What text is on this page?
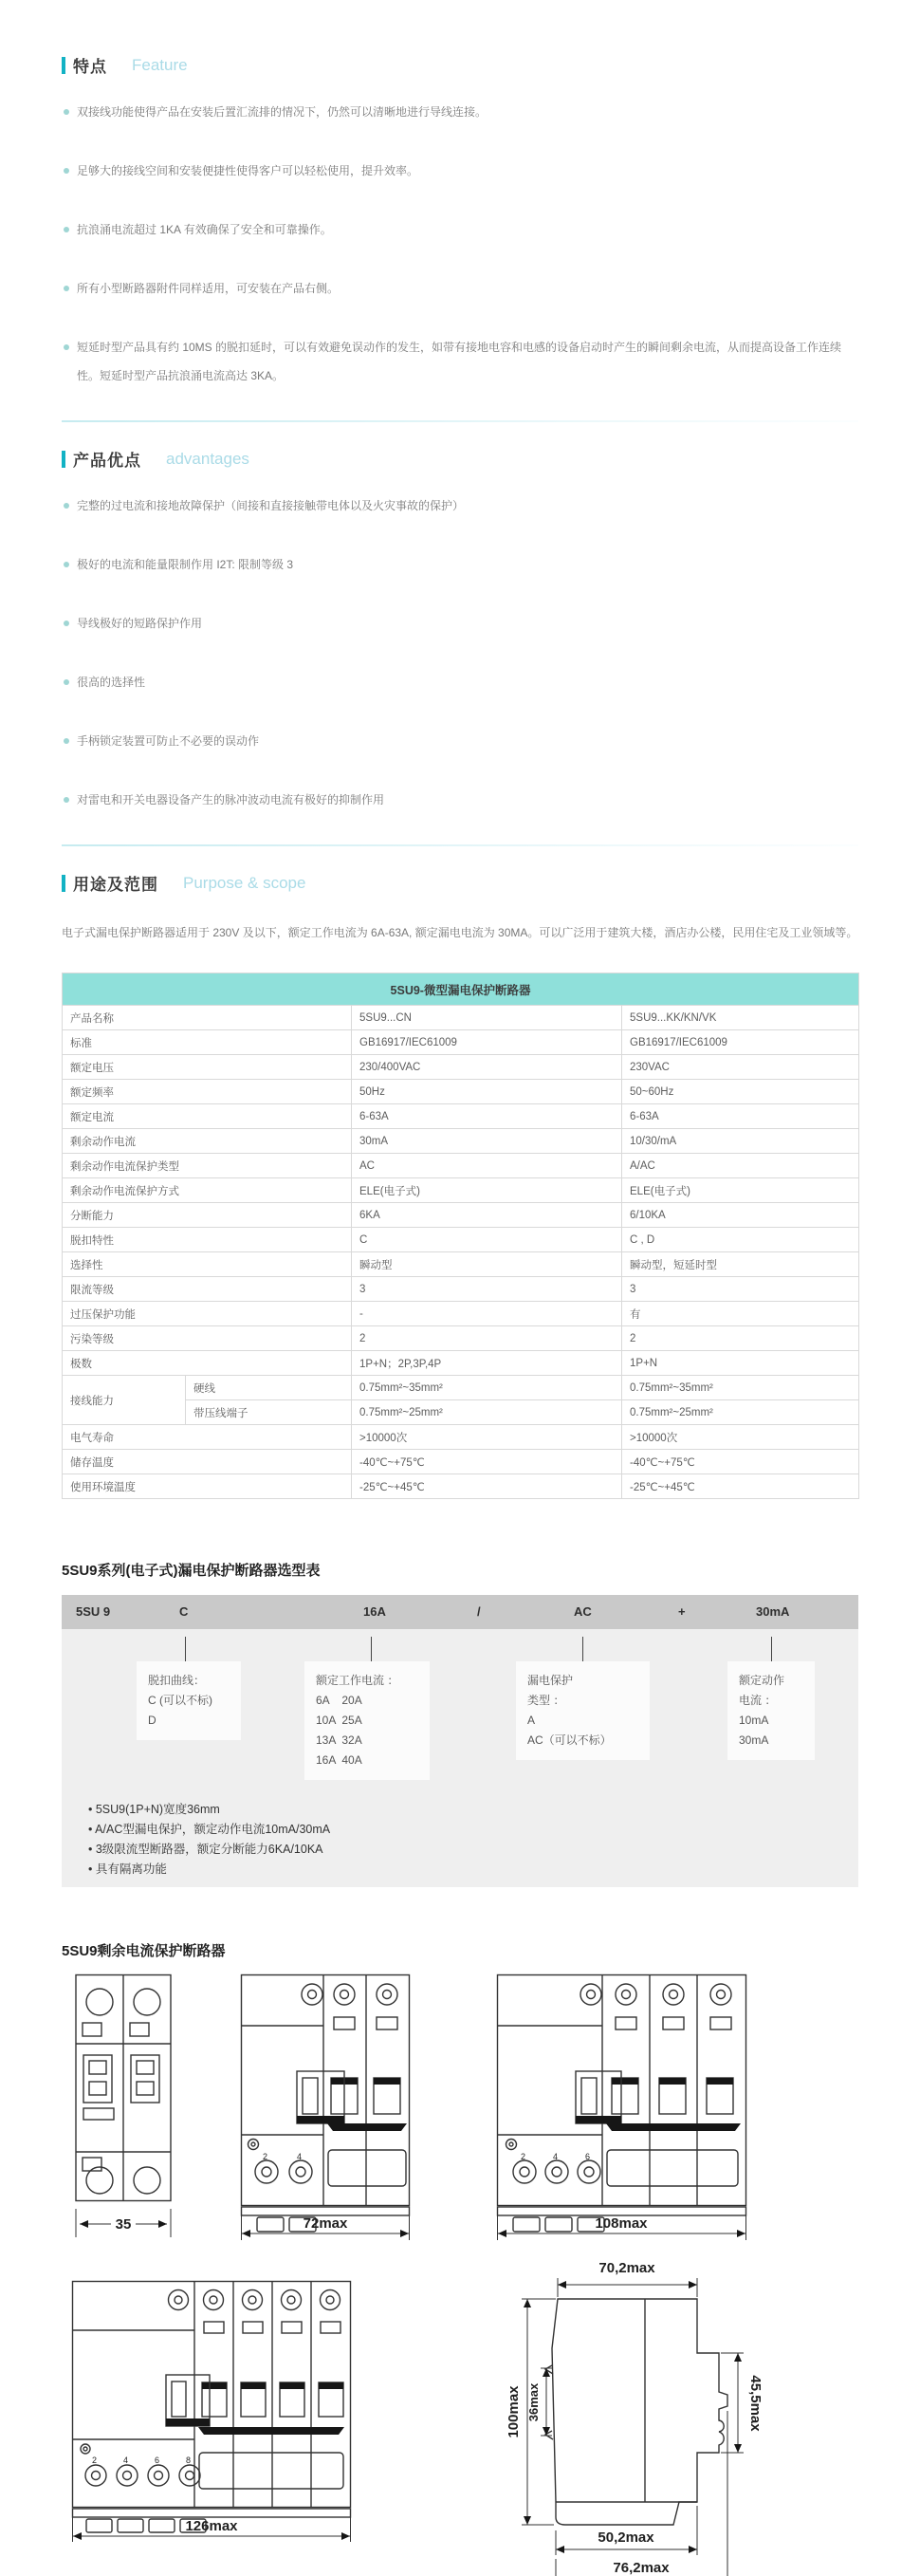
特点 Feature
双接线功能使得产品在安装后置汇流排的情况下，仍然可以清晰地进行导线连接。
足够大的接线空间和安装便捷性使得客户可以轻松使用，提升效率。
抗浪涌电流超过 1KA 有效确保了安全和可靠操作。
所有小型断路器附件同样适用，可安装在产品右侧。
短延时型产品具有约 10MS 的脱扣延时，可以有效避免误动作的发生，如带有接地电容和电感的设备启动时产生的瞬间剩余电流，从而提高设备工作连续性。短延时型产品抗浪涌电流高达 3KA。
产品优点 advantages
完整的过电流和接地故障保护（间接和直接接触带电体以及火灾事故的保护）
极好的电流和能量限制作用 I2T: 限制等级 3
导线极好的短路保护作用
很高的选择性
手柄锁定装置可防止不必要的误动作
对雷电和开关电器设备产生的脉冲波动电流有极好的抑制作用
用途及范围 Purpose & scope

电子式漏电保护断路器适用于 230V 及以下，额定工作电流为 6A-63A, 额定漏电电流为 30MA。可以广泛用于建筑大楼，酒店办公楼，民用住宅及工业领域等。

5SU9-微型漏电保护断路器			
产品名称		5SU9...CN	5SU9...KK/KN/VK
标准		GB16917/IEC61009	GB16917/IEC61009
额定电压		230/400VAC	230VAC
额定频率		50Hz	50~60Hz
额定电流		6-63A	6-63A
剩余动作电流		30mA	10/30/mA
剩余动作电流保护类型		AC	A/AC
剩余动作电流保护方式		ELE(电子式)	ELE(电子式)
分断能力		6KA	6/10KA
脱扣特性		C	C , D
选择性		瞬动型	瞬动型，短延时型
限流等级		3	3
过压保护功能		-	有
污染等级		2	2
极数		1P+N；2P,3P,4P	1P+N
接线能力	硬线	0.75mm²~35mm²	0.75mm²~35mm²
	带压线端子	0.75mm²~25mm²	0.75mm²~25mm²
电气寿命		>10000次	>10000次
储存温度		-40℃~+75℃	-40℃~+75℃
使用环境温度		-25℃~+45℃	-25℃~+45℃
5SU9系列(电子式)漏电保护断路器选型表
5SU 9	C	16A	/	AC	+	30mA
脱扣曲线：
C (可以不标)
D
额定工作电流 ：
6A    20A
10A  25A
13A  32A
16A  40A
漏电保护
类型 ：
A
AC（可以不标）
额定动作
电流 ：
10mA
30mA
• 5SU9(1P+N)宽度36mm
• A/AC型漏电保护，额定动作电流10mA/30mA
• 3级限流型断路器，额定分断能力6KA/10KA
• 具有隔离功能
5SU9剩余电流保护断路器
35
2	4
72max
2	4	6
108max
2	4	6	8
126max
70,2max
100max 36max	45,5max
50,2max
76,2max
